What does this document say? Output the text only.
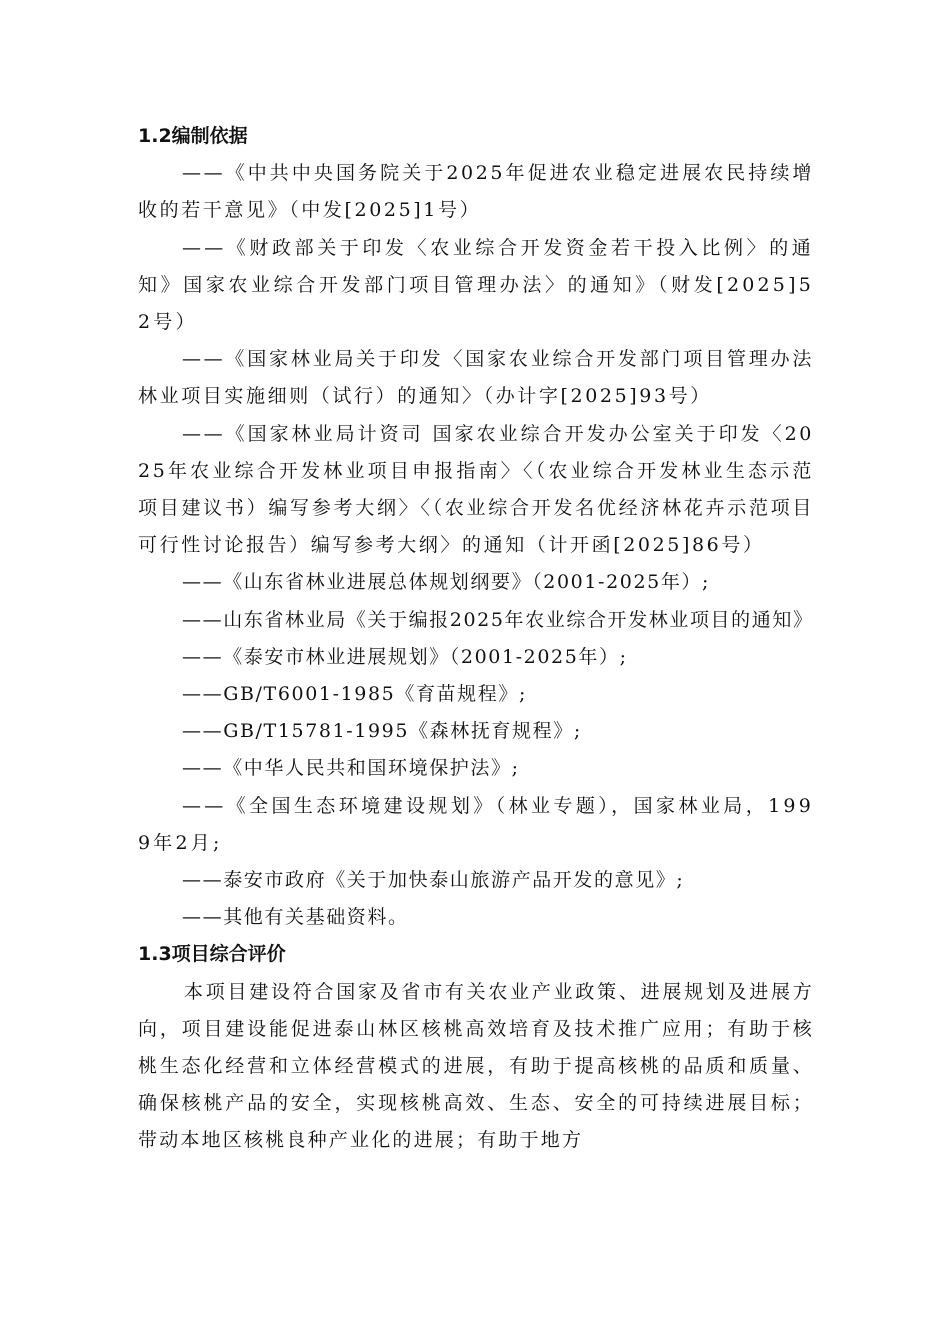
1.2编制依据

——《中共中央国务院关于2025年促进农业稳定进展农民持续增收的若干意见》（中发[2025]1号）

——《财政部关于印发〈农业综合开发资金若干投入比例〉的通知》国家农业综合开发部门项目管理办法〉的通知》（财发[2025]52号）

——《国家林业局关于印发〈国家农业综合开发部门项目管理办法林业项目实施细则（试行）的通知〉（办计字[2025]93号）

——《国家林业局计资司 国家农业综合开发办公室关于印发〈2025年农业综合开发林业项目申报指南〉〈（农业综合开发林业生态示范项目建议书）编写参考大纲〉〈（农业综合开发名优经济林花卉示范项目可行性讨论报告）编写参考大纲〉的通知（计开函[2025]86号）

——《山东省林业进展总体规划纲要》（2001-2025年）;

——山东省林业局《关于编报2025年农业综合开发林业项目的通知》

——《泰安市林业进展规划》（2001-2025年）;

——GB/T6001-1985《育苗规程》;

——GB/T15781-1995《森林抚育规程》;

——《中华人民共和国环境保护法》;

——《全国生态环境建设规划》（林业专题），国家林业局，1999年2月;

——泰安市政府《关于加快泰山旅游产品开发的意见》;

——其他有关基础资料。

1.3项目综合评价

本项目建设符合国家及省市有关农业产业政策、进展规划及进展方向，项目建设能促进泰山林区核桃高效培育及技术推广应用；有助于核桃生态化经营和立体经营模式的进展，有助于提高核桃的品质和质量、确保核桃产品的安全，实现核桃高效、生态、安全的可持续进展目标；带动本地区核桃良种产业化的进展；有助于地方
